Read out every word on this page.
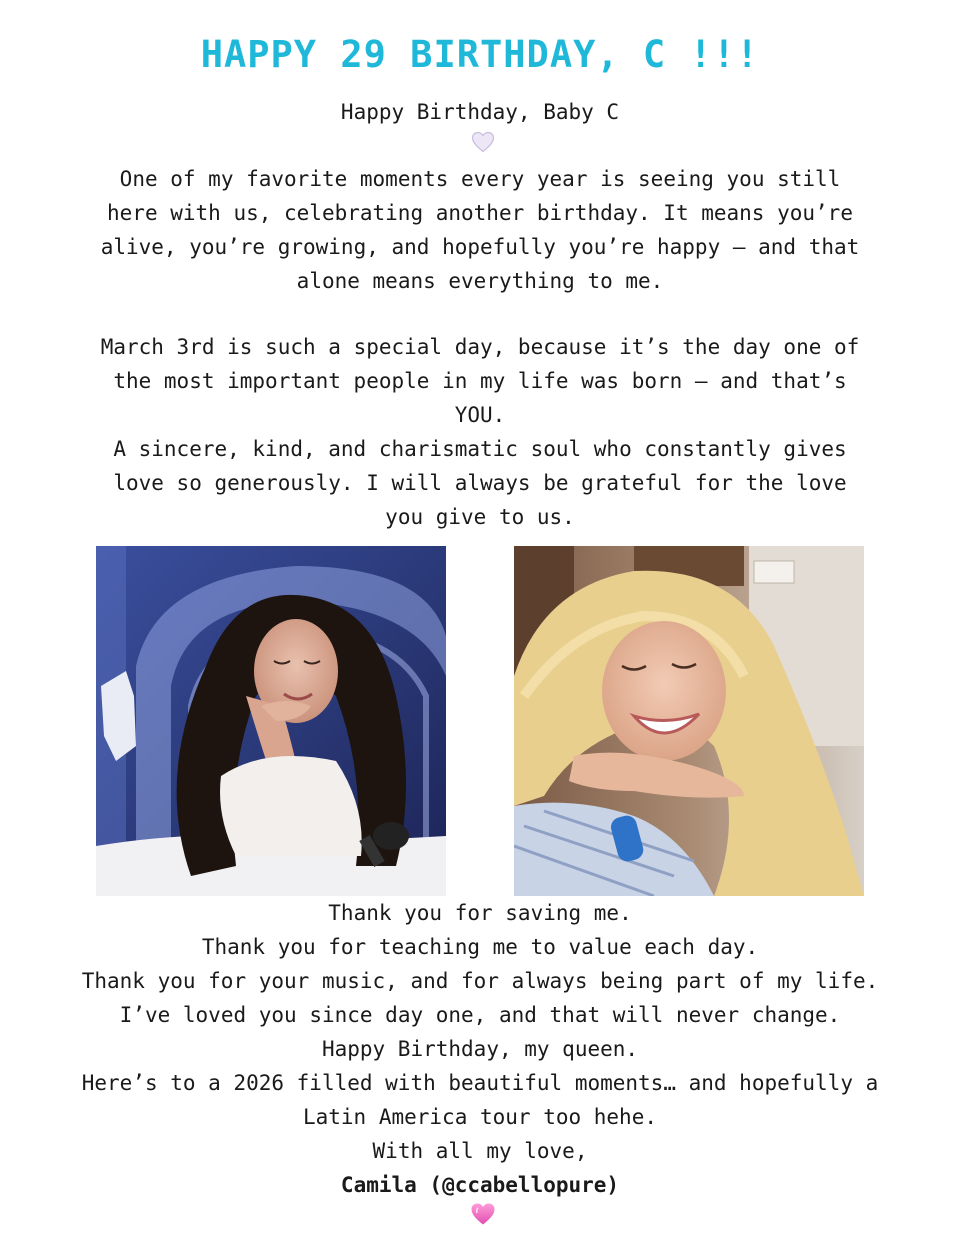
HAPPY 29 BIRTHDAY, C !!!

Happy Birthday, Baby C

One of my favorite moments every year is seeing you still
here with us, celebrating another birthday. It means you’re
alive, you’re growing, and hopefully you’re happy — and that
alone means everything to me.

March 3rd is such a special day, because it’s the day one of
the most important people in my life was born — and that’s
YOU.
A sincere, kind, and charismatic soul who constantly gives
love so generously. I will always be grateful for the love
you give to us.

Thank you for saving me.
Thank you for teaching me to value each day.
Thank you for your music, and for always being part of my life.
I’ve loved you since day one, and that will never change.
Happy Birthday, my queen.
Here’s to a 2026 filled with beautiful moments… and hopefully a
Latin America tour too hehe.
With all my love,
Camila (@ccabellopure)
